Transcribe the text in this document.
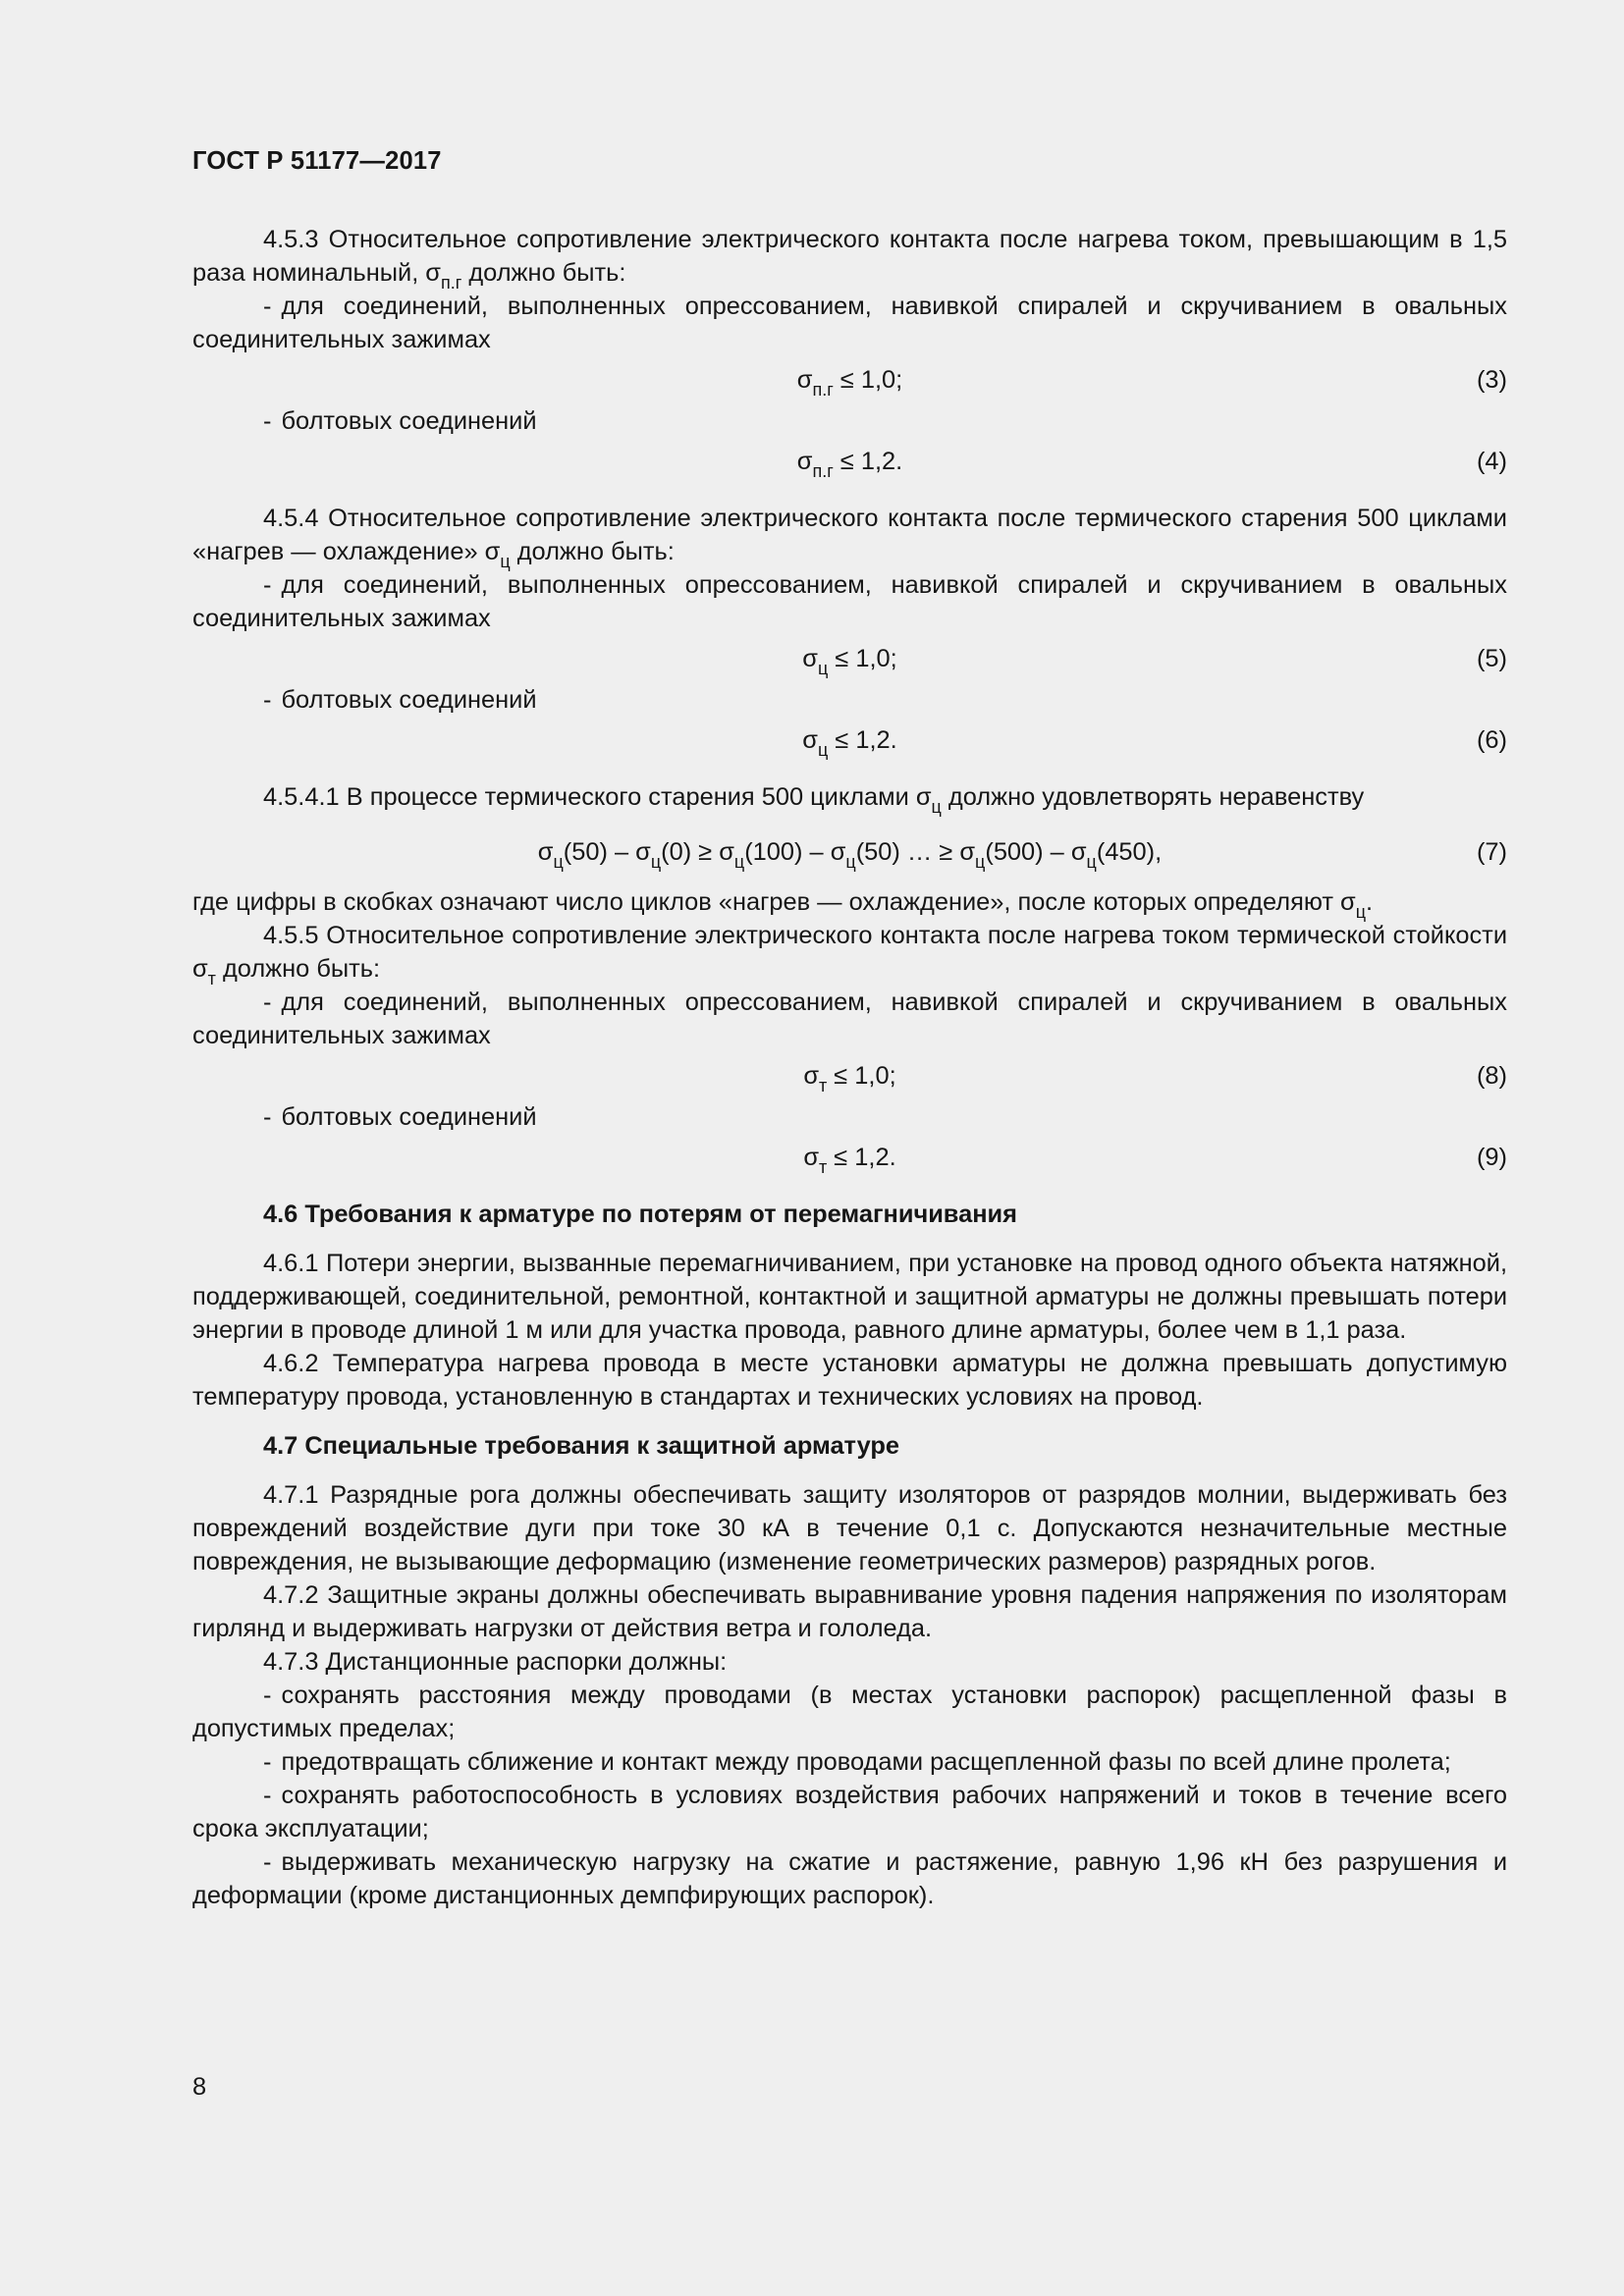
ГОСТ Р 51177—2017

4.5.3 Относительное сопротивление электрического контакта после нагрева током, превышающим в 1,5 раза номинальный, $\sigma_{п.г}$ должно быть:

- для соединений, выполненных опрессованием, навивкой спиралей и скручиванием в овальных соединительных зажимах

$\sigma_{п.г} \le 1,0$;	(3)

- болтовых соединений

$\sigma_{п.г} \le 1,2$.	(4)

4.5.4 Относительное сопротивление электрического контакта после термического старения 500 циклами «нагрев — охлаждение» $\sigma_ц$ должно быть:

- для соединений, выполненных опрессованием, навивкой спиралей и скручиванием в овальных соединительных зажимах

$\sigma_ц \le 1,0$;	(5)

- болтовых соединений

$\sigma_ц \le 1,2$.	(6)

4.5.4.1 В процессе термического старения 500 циклами $\sigma_ц$ должно удовлетворять неравенству

$\sigma_ц(50) - \sigma_ц(0) \ge \sigma_ц(100) - \sigma_ц(50)$ … ≥ $\sigma_ц(500) - \sigma_ц(450)$,	(7)

где цифры в скобках означают число циклов «нагрев — охлаждение», после которых определяют $\sigma_ц$.

4.5.5 Относительное сопротивление электрического контакта после нагрева током термической стойкости $\sigma_т$ должно быть:

- для соединений, выполненных опрессованием, навивкой спиралей и скручиванием в овальных соединительных зажимах

$\sigma_т \le 1,0$;	(8)

- болтовых соединений

$\sigma_т \le 1,2$.	(9)

4.6 Требования к арматуре по потерям от перемагничивания

4.6.1 Потери энергии, вызванные перемагничиванием, при установке на провод одного объекта натяжной, поддерживающей, соединительной, ремонтной, контактной и защитной арматуры не должны превышать потери энергии в проводе длиной 1 м или для участка провода, равного длине арматуры, более чем в 1,1 раза.

4.6.2 Температура нагрева провода в месте установки арматуры не должна превышать допустимую температуру провода, установленную в стандартах и технических условиях на провод.

4.7 Специальные требования к защитной арматуре

4.7.1 Разрядные рога должны обеспечивать защиту изоляторов от разрядов молнии, выдерживать без повреждений воздействие дуги при токе 30 кА в течение 0,1 с. Допускаются незначительные местные повреждения, не вызывающие деформацию (изменение геометрических размеров) разрядных рогов.

4.7.2 Защитные экраны должны обеспечивать выравнивание уровня падения напряжения по изоляторам гирлянд и выдерживать нагрузки от действия ветра и гололеда.

4.7.3 Дистанционные распорки должны:

- сохранять расстояния между проводами (в местах установки распорок) расщепленной фазы в допустимых пределах;

- предотвращать сближение и контакт между проводами расщепленной фазы по всей длине пролета;

- сохранять работоспособность в условиях воздействия рабочих напряжений и токов в течение всего срока эксплуатации;

- выдерживать механическую нагрузку на сжатие и растяжение, равную 1,96 кН без разрушения и деформации (кроме дистанционных демпфирующих распорок).

8
